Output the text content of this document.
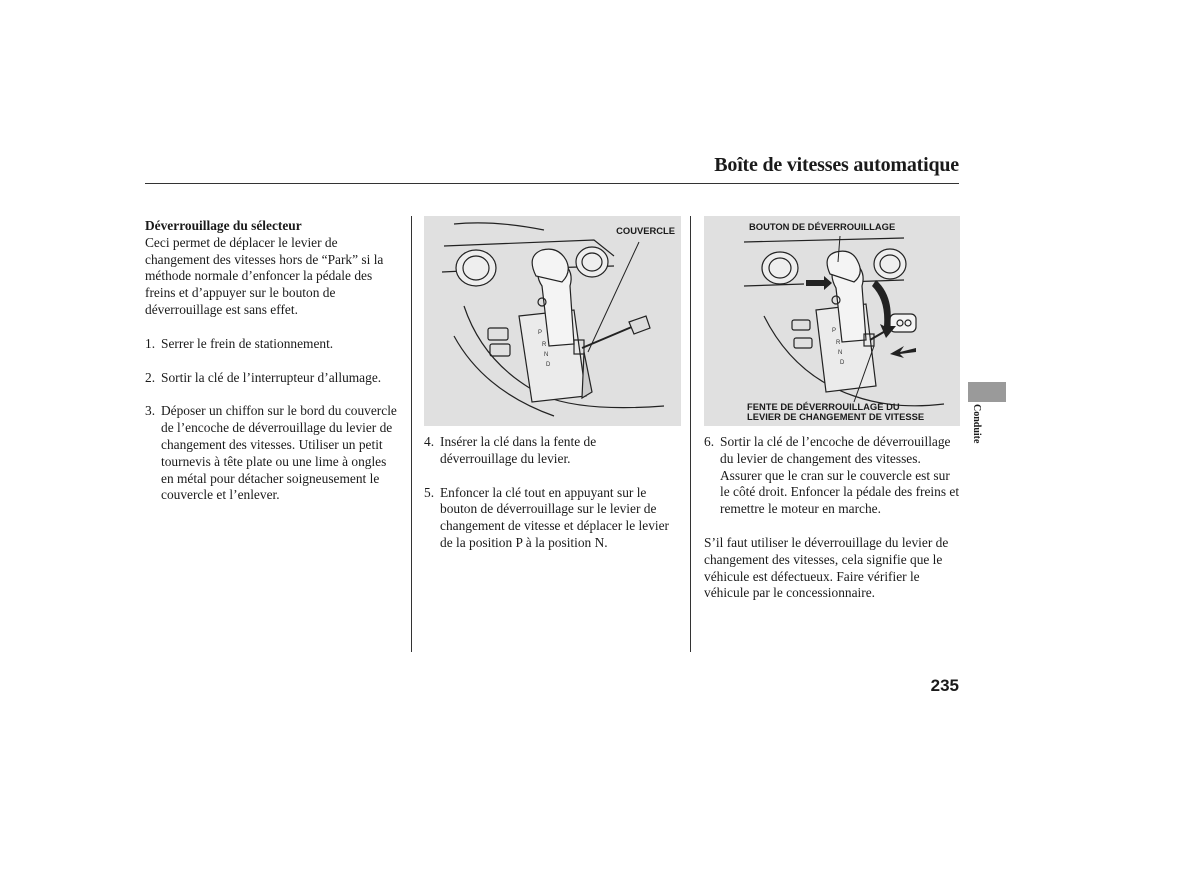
Boîte de vitesses automatique
Déverrouillage du sélecteur

Ceci permet de déplacer le levier de changement des vitesses hors de “Park” si la méthode normale d’enfoncer la pédale des freins et d’appuyer sur le bouton de déverrouillage est sans effet.

1. Serrer le frein de stationnement.
2. Sortir la clé de l’interrupteur d’allumage.
3. Déposer un chiffon sur le bord du couvercle de l’encoche de déverrouillage du levier de changement des vitesses. Utiliser un petit tournevis à tête plate ou une lime à ongles en métal pour détacher soigneusement le couvercle et l’enlever.
P
R
N
D
COUVERCLE
P
R
N
D
BOUTON DE DÉVERROUILLAGE
FENTE DE DÉVERROUILLAGE DU
LEVIER DE CHANGEMENT DE VITESSE
4. Insérer la clé dans la fente de déverrouillage du levier.
5. Enfoncer la clé tout en appuyant sur le bouton de déverrouillage sur le levier de changement de vitesse et déplacer le levier de la position P à la position N.
6. Sortir la clé de l’encoche de déverrouillage du levier de changement des vitesses. Assurer que le cran sur le couvercle est sur le côté droit. Enfoncer la pédale des freins et remettre le moteur en marche.

S’il faut utiliser le déverrouillage du levier de changement des vitesses, cela signifie que le véhicule est défectueux. Faire vérifier le véhicule par le concessionnaire.

Conduite
235
